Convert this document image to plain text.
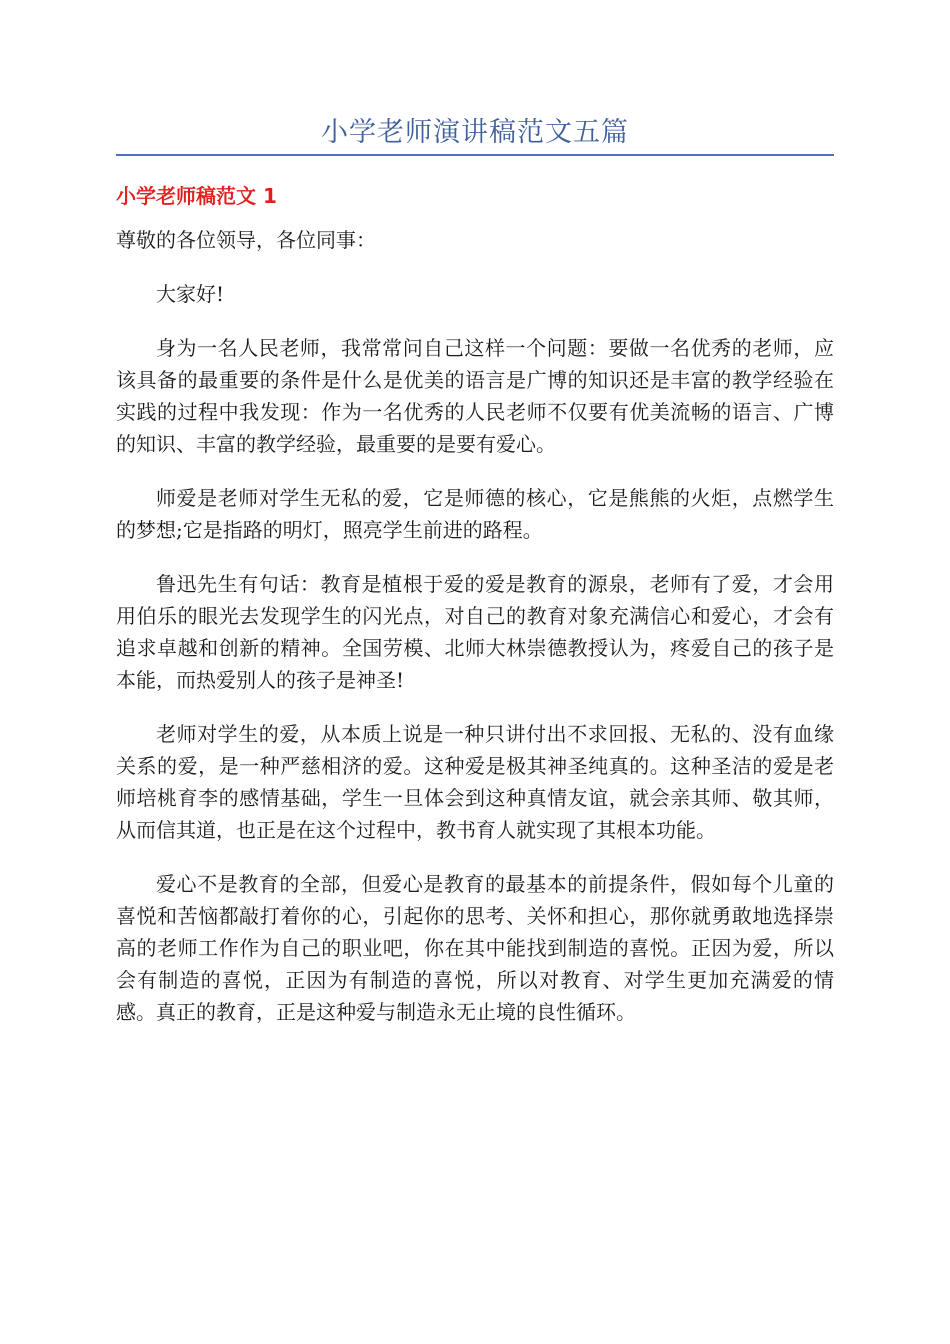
小学老师演讲稿范文五篇
小学老师稿范文 1

尊敬的各位领导，各位同事：

大家好!

身为一名人民老师，我常常问自己这样一个问题：要做一名优秀的老师，应该具备的最重要的条件是什么是优美的语言是广博的知识还是丰富的教学经验在实践的过程中我发现：作为一名优秀的人民老师不仅要有优美流畅的语言、广博的知识、丰富的教学经验，最重要的是要有爱心。

师爱是老师对学生无私的爱，它是师德的核心，它是熊熊的火炬，点燃学生的梦想;它是指路的明灯，照亮学生前进的路程。

鲁迅先生有句话：教育是植根于爱的爱是教育的源泉，老师有了爱，才会用用伯乐的眼光去发现学生的闪光点，对自己的教育对象充满信心和爱心，才会有追求卓越和创新的精神。全国劳模、北师大林崇德教授认为，疼爱自己的孩子是本能，而热爱别人的孩子是神圣!

老师对学生的爱，从本质上说是一种只讲付出不求回报、无私的、没有血缘关系的爱，是一种严慈相济的爱。这种爱是极其神圣纯真的。这种圣洁的爱是老师培桃育李的感情基础，学生一旦体会到这种真情友谊，就会亲其师、敬其师，从而信其道，也正是在这个过程中，教书育人就实现了其根本功能。

爱心不是教育的全部，但爱心是教育的最基本的前提条件，假如每个儿童的喜悦和苦恼都敲打着你的心，引起你的思考、关怀和担心，那你就勇敢地选择崇高的老师工作作为自己的职业吧，你在其中能找到制造的喜悦。正因为爱，所以会有制造的喜悦，正因为有制造的喜悦，所以对教育、对学生更加充满爱的情感。真正的教育，正是这种爱与制造永无止境的良性循环。
